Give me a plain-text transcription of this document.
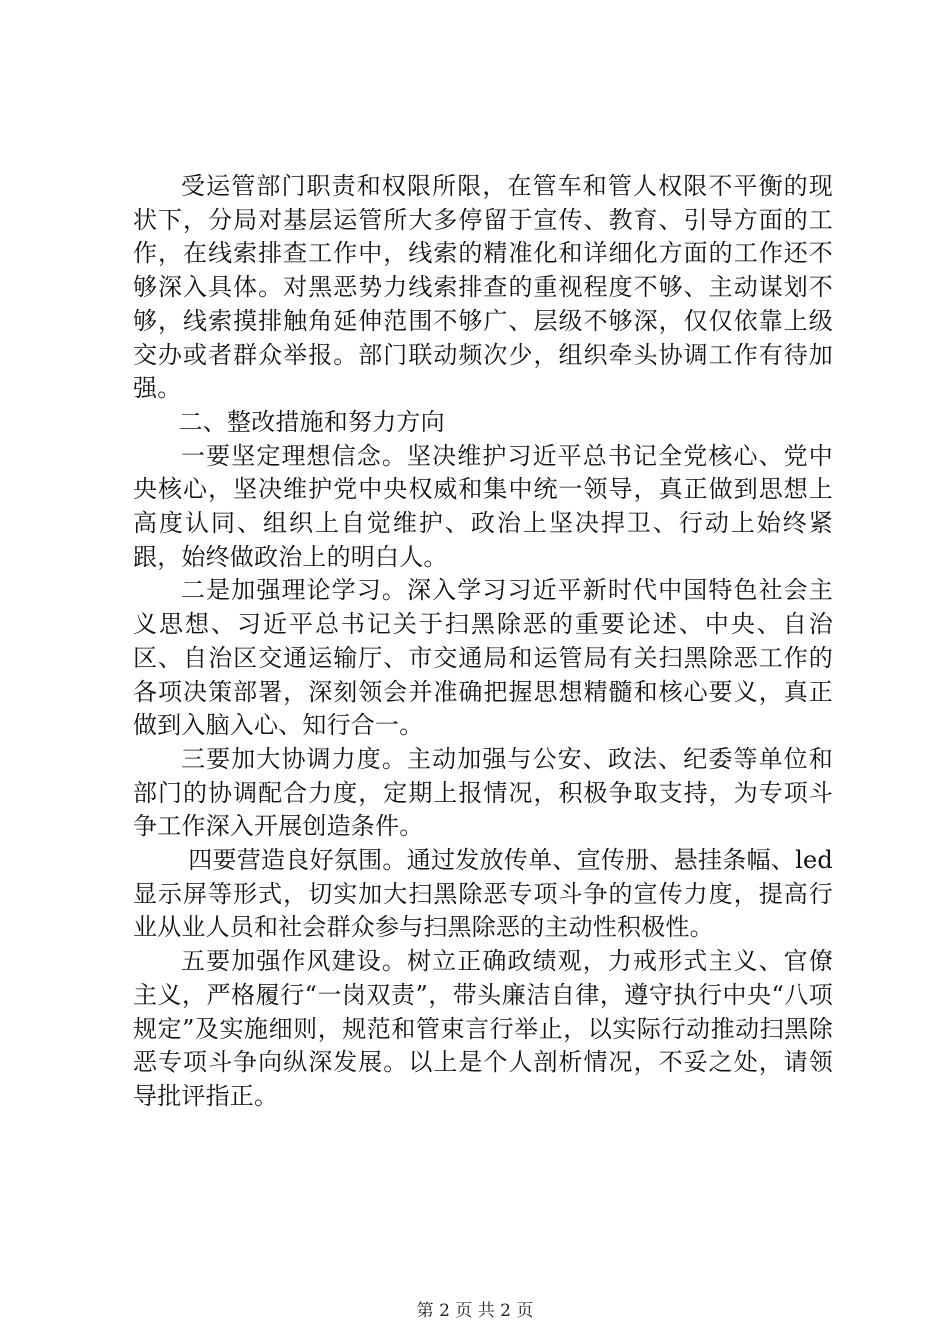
受运管部门职责和权限所限，在管车和管人权限不平衡的现状下，分局对基层运管所大多停留于宣传、教育、引导方面的工作，在线索排查工作中，线索的精准化和详细化方面的工作还不够深入具体。对黑恶势力线索排查的重视程度不够、主动谋划不够，线索摸排触角延伸范围不够广、层级不够深，仅仅依靠上级交办或者群众举报。部门联动频次少，组织牵头协调工作有待加强。

二、整改措施和努力方向

一要坚定理想信念。坚决维护习近平总书记全党核心、党中央核心，坚决维护党中央权威和集中统一领导，真正做到思想上高度认同、组织上自觉维护、政治上坚决捍卫、行动上始终紧跟，始终做政治上的明白人。

二是加强理论学习。深入学习习近平新时代中国特色社会主义思想、习近平总书记关于扫黑除恶的重要论述、中央、自治区、自治区交通运输厅、市交通局和运管局有关扫黑除恶工作的各项决策部署，深刻领会并准确把握思想精髓和核心要义，真正做到入脑入心、知行合一。

三要加大协调力度。主动加强与公安、政法、纪委等单位和部门的协调配合力度，定期上报情况，积极争取支持，为专项斗争工作深入开展创造条件。

四要营造良好氛围。通过发放传单、宣传册、悬挂条幅、led显示屏等形式，切实加大扫黑除恶专项斗争的宣传力度，提高行业从业人员和社会群众参与扫黑除恶的主动性积极性。

五要加强作风建设。树立正确政绩观，力戒形式主义、官僚主义，严格履行“一岗双责”，带头廉洁自律，遵守执行中央“八项规定”及实施细则，规范和管束言行举止，以实际行动推动扫黑除恶专项斗争向纵深发展。以上是个人剖析情况，不妥之处，请领导批评指正。

第 2 页 共 2 页
